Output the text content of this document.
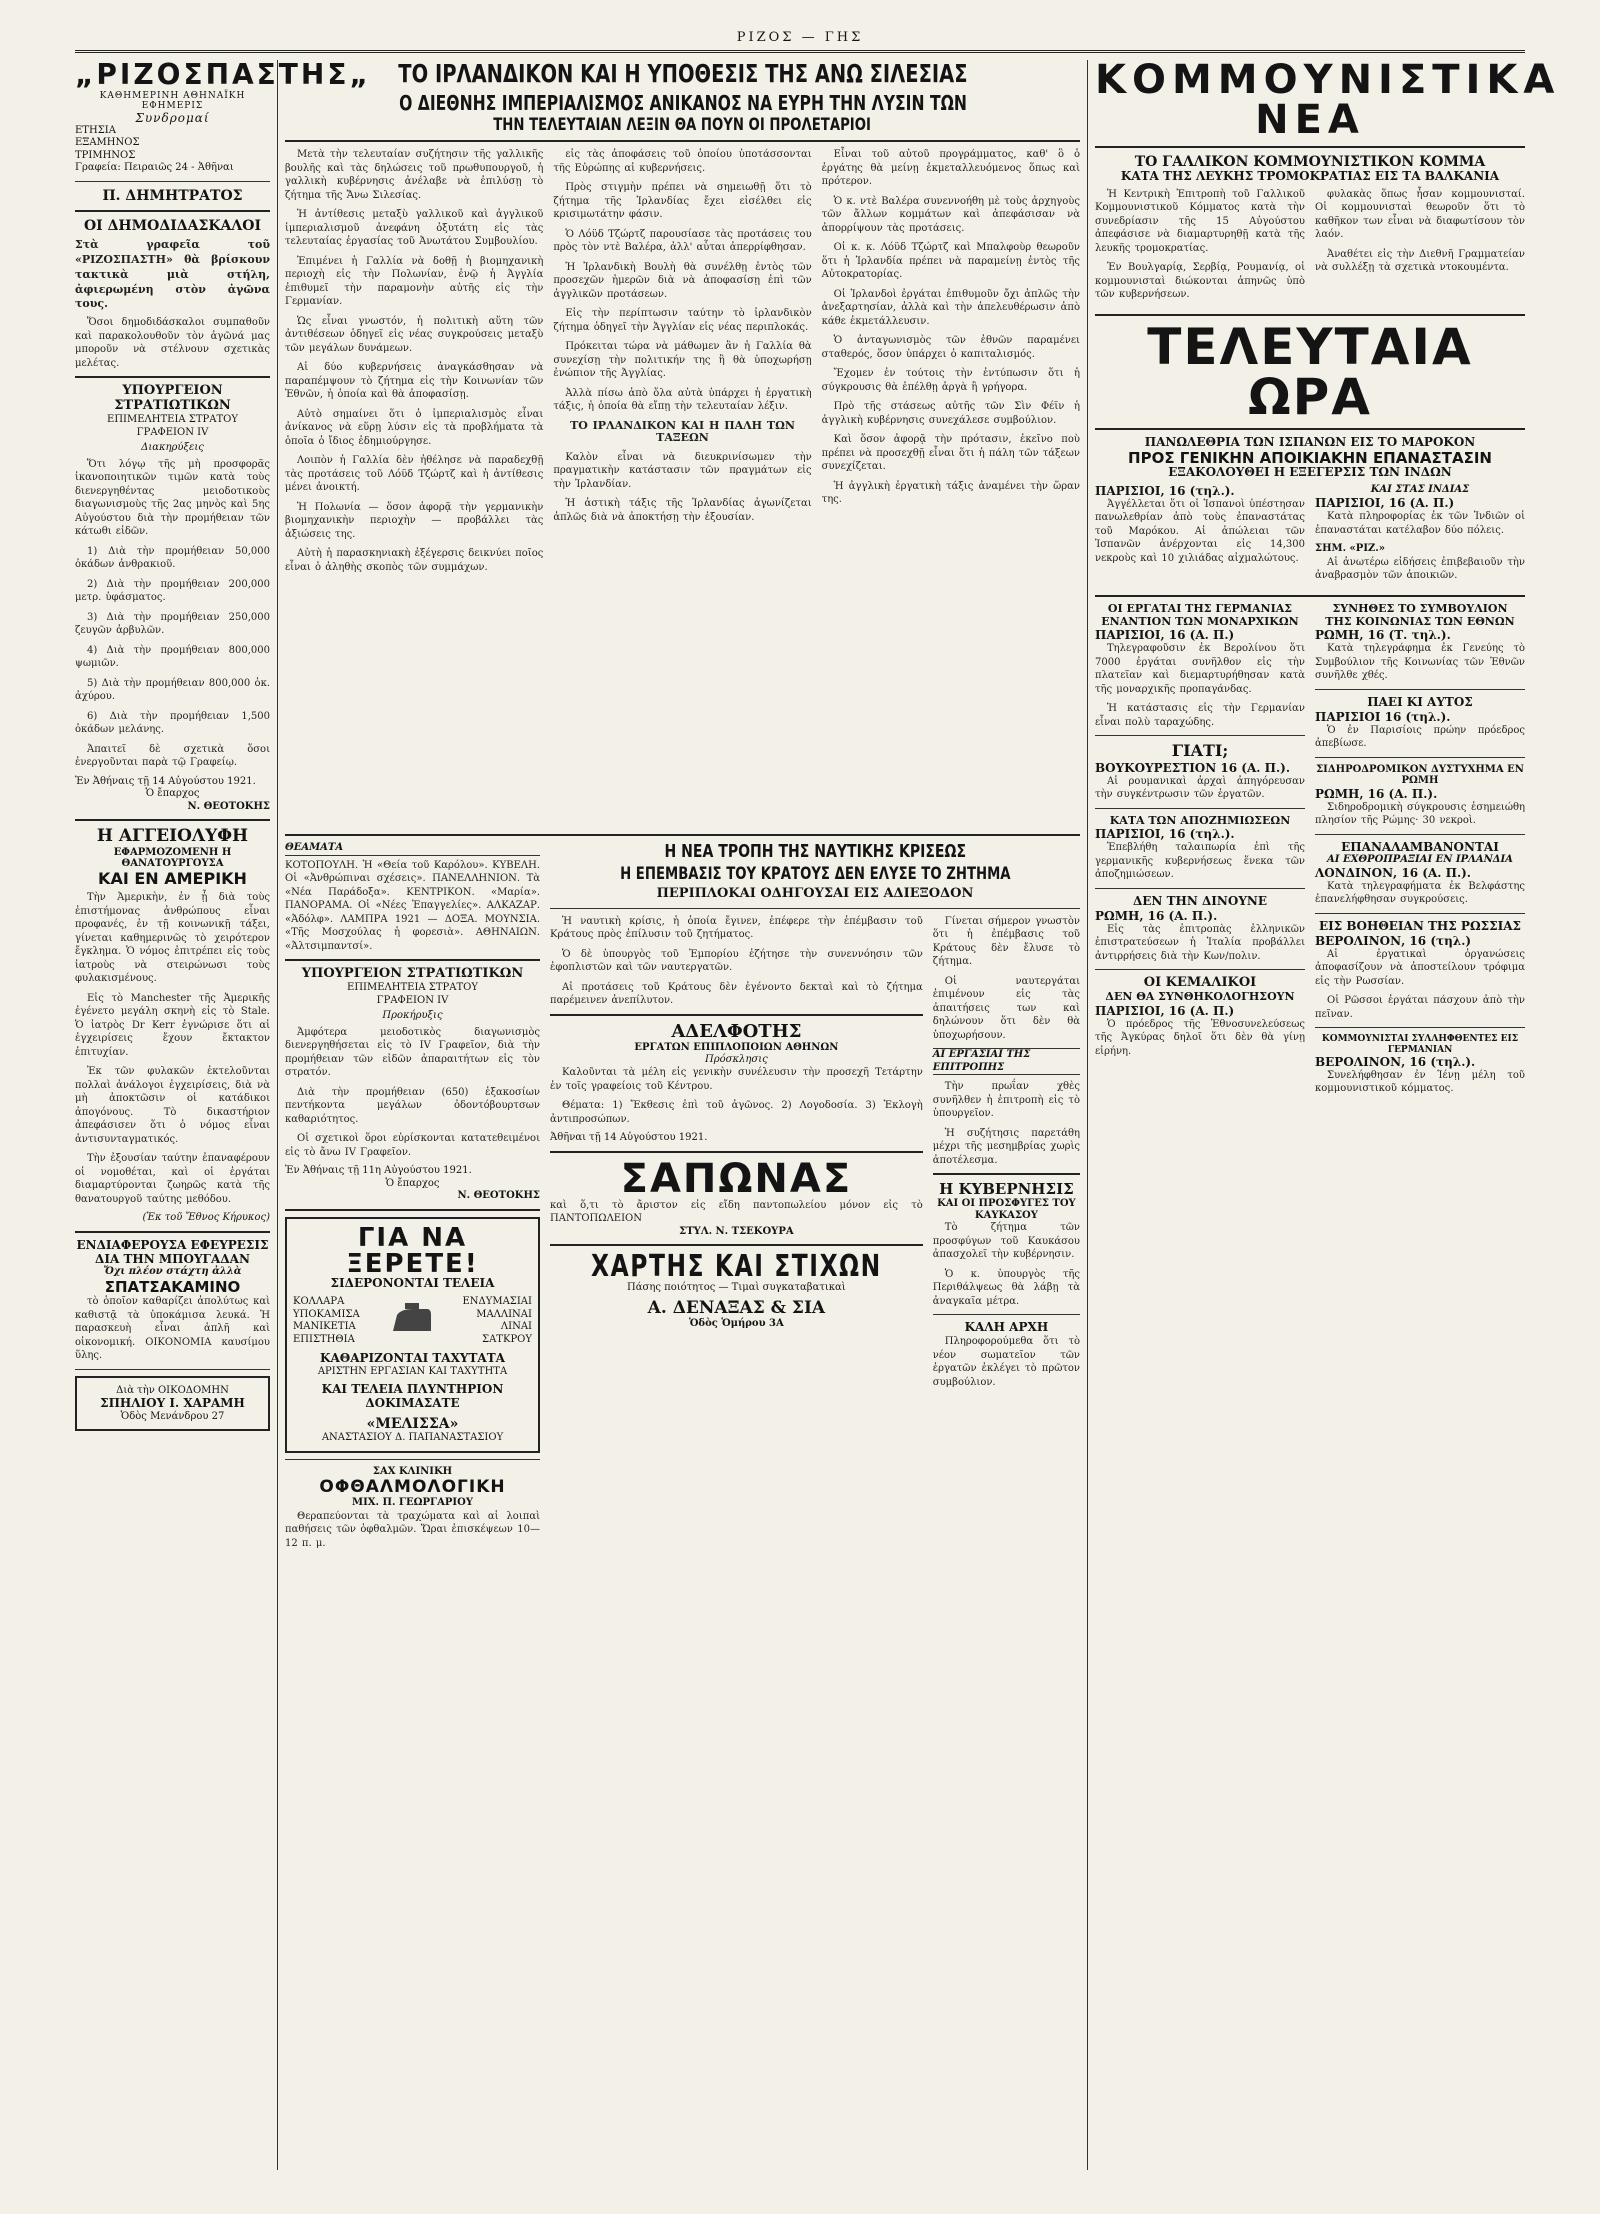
ΡΙΖΟΣ — ΓΗΣ
„ΡΙΖΟΣΠΑΣΤΗΣ„
ΚΑΘΗΜΕΡΙΝΗ ΑΘΗΝΑΪΚΗ ΕΦΗΜΕΡΙΣ
Συνδρομαί
ΕΤΗΣΙΑ
ΕΞΑΜΗΝΟΣ
ΤΡΙΜΗΝΟΣ
Γραφεία: Πειραιῶς 24 - Ἀθῆναι
Π. ΔΗΜΗΤΡΑΤΟΣ
ΟΙ ΔΗΜΟΔΙΔΑΣΚΑΛΟΙ
Στὰ γραφεῖα τοῦ «ΡΙΖΟΣΠΑΣΤΗ» θὰ βρίσκουν τακτικὰ μιὰ στήλη, ἀφιερωμένη στὸν ἀγῶνα τους.

Ὅσοι δημοδιδάσκαλοι συμπαθοῦν καὶ παρακολουθοῦν τὸν ἀγῶνά μας μποροῦν νὰ στέλνουν σχετικὰς μελέτας.

ΥΠΟΥΡΓΕΙΟΝ ΣΤΡΑΤΙΩΤΙΚΩΝ
ΕΠΙΜΕΛΗΤΕΙΑ ΣΤΡΑΤΟΥ
ΓΡΑΦΕΙΟΝ IV
Διακηρύξεις

Ὅτι λόγῳ τῆς μὴ προσφορᾶς ἱκανοποιητικῶν τιμῶν κατὰ τοὺς διενεργηθέντας μειοδοτικοὺς διαγωνισμοὺς τῆς 2ας μηνὸς καὶ 5ης Αὐγούστου διὰ τὴν προμήθειαν τῶν κάτωθι εἰδῶν.

1) Διὰ τὴν προμήθειαν 50,000 ὀκάδων ἀνθρακιοῦ.

2) Διὰ τὴν προμήθειαν 200,000 μετρ. ὑφάσματος.

3) Διὰ τὴν προμήθειαν 250,000 ζευγῶν ἀρβυλῶν.

4) Διὰ τὴν προμήθειαν 800,000 ψωμιῶν.

5) Διὰ τὴν προμήθειαν 800,000 ὀκ. ἀχύρου.

6) Διὰ τὴν προμήθειαν 1,500 ὀκάδων μελάνης.

Ἀπαιτεῖ δὲ σχετικὰ ὅσοι ἐνεργοῦνται παρὰ τῷ Γραφείῳ.

Ἐν Ἀθήναις τῇ 14 Αὐγούστου 1921.
Ὁ ἔπαρχος
Ν. ΘΕΟΤΟΚΗΣ
Η ΑΓΓΕΙΟΛΥΦΗ
ΕΦΑΡΜΟΖΟΜΕΝΗ Η ΘΑΝΑΤΟΥΡΓΟΥΣΑ
ΚΑΙ ΕΝ ΑΜΕΡΙΚΗ

Τὴν Ἀμερικὴν, ἐν ᾗ διὰ τοὺς ἐπιστήμονας ἀνθρώπους εἶναι προφανές, ἐν τῇ κοινωνικῇ τάξει, γίνεται καθημερινῶς τὸ χειρότερον ἔγκλημα. Ὁ νόμος ἐπιτρέπει εἰς τοὺς ἰατροὺς νὰ στειρώνωσι τοὺς φυλακισμένους.

Εἰς τὸ Manchester τῆς Ἀμερικῆς ἐγένετο μεγάλη σκηνὴ εἰς τὸ Stale. Ὁ ἰατρὸς Dr Kerr ἐγνώρισε ὅτι αἱ ἐγχειρίσεις ἔχουν ἔκτακτον ἐπιτυχίαν.

Ἐκ τῶν φυλακῶν ἐκτελοῦνται πολλαὶ ἀνάλογοι ἐγχειρίσεις, διὰ νὰ μὴ ἀποκτῶσιν οἱ κατάδικοι ἀπογόνους. Τὸ δικαστήριον ἀπεφάσισεν ὅτι ὁ νόμος εἶναι ἀντισυνταγματικός.

Τὴν ἐξουσίαν ταύτην ἐπαναφέρουν οἱ νομοθέται, καὶ οἱ ἐργάται διαμαρτύρονται ζωηρῶς κατὰ τῆς θανατουργοῦ ταύτης μεθόδου.

(Ἐκ τοῦ Ἔθνος Κήρυκος)
ΕΝΔΙΑΦΕΡΟΥΣΑ ΕΦΕΥΡΕΣΙΣ ΔΙΑ ΤΗΝ ΜΠΟΥΓΑΔΑΝ
Ὄχι πλέον στάχτη ἀλλὰ
ΣΠΑΤΣΑΚΑΜΙΝΟ

τὸ ὁποῖον καθαρίζει ἀπολύτως καὶ καθιστᾷ τὰ ὑποκάμισα λευκά. Ἡ παρασκευὴ εἶναι ἁπλῆ καὶ οἰκονομική. ΟΙΚΟΝΟΜΙΑ καυσίμου ὕλης.

Διὰ τὴν ΟΙΚΟΔΟΜΗΝ
ΣΠΗΛΙΟΥ Ι. ΧΑΡΑΜΗ
Ὁδὸς Μενάνδρου 27
ΤΟ ΙΡΛΑΝΔΙΚΟΝ ΚΑΙ Η ΥΠΟΘΕΣΙΣ ΤΗΣ ΑΝΩ ΣΙΛΕΣΙΑΣ
Ο ΔΙΕΘΝΗΣ ΙΜΠΕΡΙΑΛΙΣΜΟΣ ΑΝΙΚΑΝΟΣ ΝΑ ΕΥΡΗ ΤΗΝ ΛΥΣΙΝ ΤΩΝ
ΤΗΝ ΤΕΛΕΥΤΑΙΑΝ ΛΕΞΙΝ ΘΑ ΠΟΥΝ ΟΙ ΠΡΟΛΕΤΑΡΙΟΙ

Μετὰ τὴν τελευταίαν συζήτησιν τῆς γαλλικῆς βουλῆς καὶ τὰς δηλώσεις τοῦ πρωθυπουργοῦ, ἡ γαλλικὴ κυβέρνησις ἀνέλαβε νὰ ἐπιλύσῃ τὸ ζήτημα τῆς Ἄνω Σιλεσίας.

Ἡ ἀντίθεσις μεταξὺ γαλλικοῦ καὶ ἀγγλικοῦ ἰμπεριαλισμοῦ ἀνεφάνη ὀξυτάτη εἰς τὰς τελευταίας ἐργασίας τοῦ Ἀνωτάτου Συμβουλίου.

Ἐπιμένει ἡ Γαλλία νὰ δοθῇ ἡ βιομηχανικὴ περιοχὴ εἰς τὴν Πολωνίαν, ἐνῷ ἡ Ἀγγλία ἐπιθυμεῖ τὴν παραμονὴν αὐτῆς εἰς τὴν Γερμανίαν.

Ὡς εἶναι γνωστόν, ἡ πολιτικὴ αὕτη τῶν ἀντιθέσεων ὁδηγεῖ εἰς νέας συγκρούσεις μεταξὺ τῶν μεγάλων δυνάμεων.

Αἱ δύο κυβερνήσεις ἀναγκάσθησαν νὰ παραπέμψουν τὸ ζήτημα εἰς τὴν Κοινωνίαν τῶν Ἐθνῶν, ἡ ὁποία καὶ θὰ ἀποφασίσῃ.

Αὐτὸ σημαίνει ὅτι ὁ ἰμπεριαλισμὸς εἶναι ἀνίκανος νὰ εὕρῃ λύσιν εἰς τὰ προβλήματα τὰ ὁποῖα ὁ ἴδιος ἐδημιούργησε.

Λοιπὸν ἡ Γαλλία δὲν ἠθέλησε νὰ παραδεχθῇ τὰς προτάσεις τοῦ Λόϋδ Τζώρτζ καὶ ἡ ἀντίθεσις μένει ἀνοικτή.

Ἡ Πολωνία — ὅσον ἀφορᾷ τὴν γερμανικὴν βιομηχανικὴν περιοχὴν — προβάλλει τὰς ἀξιώσεις της.

Αὐτὴ ἡ παρασκηνιακὴ ἐξέγερσις δεικνύει ποῖος εἶναι ὁ ἀληθὴς σκοπὸς τῶν συμμάχων.

εἰς τὰς ἀποφάσεις τοῦ ὁποίου ὑποτάσσονται τῆς Εὐρώπης αἱ κυβερνήσεις.

Πρὸς στιγμὴν πρέπει νὰ σημειωθῇ ὅτι τὸ ζήτημα τῆς Ἰρλανδίας ἔχει εἰσέλθει εἰς κρισιμωτάτην φάσιν.

Ὁ Λόϋδ Τζώρτζ παρουσίασε τὰς προτάσεις του πρὸς τὸν ντὲ Βαλέρα, ἀλλ' αὗται ἀπερρίφθησαν.

Ἡ Ἰρλανδικὴ Βουλὴ θὰ συνέλθῃ ἐντὸς τῶν προσεχῶν ἡμερῶν διὰ νὰ ἀποφασίσῃ ἐπὶ τῶν ἀγγλικῶν προτάσεων.

Εἰς τὴν περίπτωσιν ταύτην τὸ ἰρλανδικὸν ζήτημα ὁδηγεῖ τὴν Ἀγγλίαν εἰς νέας περιπλοκάς.

Πρόκειται τώρα νὰ μάθωμεν ἂν ἡ Γαλλία θὰ συνεχίσῃ τὴν πολιτικήν της ἢ θὰ ὑποχωρήσῃ ἐνώπιον τῆς Ἀγγλίας.

Ἀλλὰ πίσω ἀπὸ ὅλα αὐτὰ ὑπάρχει ἡ ἐργατικὴ τάξις, ἡ ὁποία θὰ εἴπῃ τὴν τελευταίαν λέξιν.

ΤΟ ΙΡΛΑΝΔΙΚΟΝ ΚΑΙ Η ΠΑΛΗ ΤΩΝ ΤΑΞΕΩΝ

Καλὸν εἶναι νὰ διευκρινίσωμεν τὴν πραγματικὴν κατάστασιν τῶν πραγμάτων εἰς τὴν Ἰρλανδίαν.

Ἡ ἀστικὴ τάξις τῆς Ἰρλανδίας ἀγωνίζεται ἁπλῶς διὰ νὰ ἀποκτήσῃ τὴν ἐξουσίαν.

Εἶναι τοῦ αὐτοῦ προγράμματος, καθ' ὃ ὁ ἐργάτης θὰ μείνῃ ἐκμεταλλευόμενος ὅπως καὶ πρότερον.

Ὁ κ. ντὲ Βαλέρα συνεννοήθη μὲ τοὺς ἀρχηγοὺς τῶν ἄλλων κομμάτων καὶ ἀπεφάσισαν νὰ ἀπορρίψουν τὰς προτάσεις.

Οἱ κ. κ. Λόϋδ Τζώρτζ καὶ Μπαλφοὺρ θεωροῦν ὅτι ἡ Ἰρλανδία πρέπει νὰ παραμείνῃ ἐντὸς τῆς Αὐτοκρατορίας.

Οἱ Ἰρλανδοὶ ἐργάται ἐπιθυμοῦν ὄχι ἁπλῶς τὴν ἀνεξαρτησίαν, ἀλλὰ καὶ τὴν ἀπελευθέρωσιν ἀπὸ κάθε ἐκμετάλλευσιν.

Ὁ ἀνταγωνισμὸς τῶν ἐθνῶν παραμένει σταθερός, ὅσον ὑπάρχει ὁ καπιταλισμός.

Ἔχομεν ἐν τούτοις τὴν ἐντύπωσιν ὅτι ἡ σύγκρουσις θὰ ἐπέλθῃ ἀργὰ ἢ γρήγορα.

Πρὸ τῆς στάσεως αὐτῆς τῶν Σὶν Φέϊν ἡ ἀγγλικὴ κυβέρνησις συνεχάλεσε συμβούλιον.

Καὶ ὅσον ἀφορᾷ τὴν πρότασιν, ἐκεῖνο ποὺ πρέπει νὰ προσεχθῇ εἶναι ὅτι ἡ πάλη τῶν τάξεων συνεχίζεται.

Ἡ ἀγγλικὴ ἐργατικὴ τάξις ἀναμένει τὴν ὥραν της.

ΘΕΑΜΑΤΑ
ΚΟΤΟΠΟΥΛΗ. Ἡ «Θεία τοῦ Καρόλου». ΚΥΒΕΛΗ. Οἱ «Ἀνθρώπιναι σχέσεις». ΠΑΝΕΛΛΗΝΙΟΝ. Τὰ «Νέα Παράδοξα». ΚΕΝΤΡΙΚΟΝ. «Μαρία». ΠΑΝΟΡΑΜΑ. Οἱ «Νέες Ἐπαγγελίες». ΑΛΚΑΖΑΡ. «Ἀδόλφ». ΛΑΜΠΡΑ 1921 — ΔΟΞΑ. ΜΟΥΝΣΙΑ. «Τῆς Μοσχούλας ἡ φορεσιὰ». ΑΘΗΝΑΙΩΝ. «Ἀλτσιμπαντσί».
ΥΠΟΥΡΓΕΙΟΝ ΣΤΡΑΤΙΩΤΙΚΩΝ
ΕΠΙΜΕΛΗΤΕΙΑ ΣΤΡΑΤΟΥ
ΓΡΑΦΕΙΟΝ IV
Προκήρυξις

Ἀμφότερα μειοδοτικὸς διαγωνισμὸς διενεργηθήσεται εἰς τὸ IV Γραφεῖον, διὰ τὴν προμήθειαν τῶν εἰδῶν ἀπαραιτήτων εἰς τὸν στρατόν.

Διὰ τὴν προμήθειαν (650) ἑξακοσίων πεντήκοντα μεγάλων ὀδοντόβουρτσων καθαριότητος.

Οἱ σχετικοὶ ὅροι εὑρίσκονται κατατεθειμένοι εἰς τὸ ἄνω IV Γραφεῖον.

Ἐν Ἀθήναις τῇ 11η Αὐγούστου 1921.
Ὁ ἔπαρχος
Ν. ΘΕΟΤΟΚΗΣ
ΓΙΑ ΝΑ ΞΕΡΕΤΕ!
ΣΙΔΕΡΟΝΟΝΤΑΙ ΤΕΛΕΙΑ
ΚΟΛΛΑΡΑ
ΥΠΟΚΑΜΙΣΑ
ΜΑΝΙΚΕΤΙΑ
ΕΠΙΣΤΗΘΙΑ
ΕΝΔΥΜΑΣΙΑΙ
ΜΑΛΛΙΝΑΙ
ΛΙΝΑΙ
ΣΑΤΚΡΟΥ
ΚΑΘΑΡΙΖΟΝΤΑΙ ΤΑΧΥΤΑΤΑ
ΑΡΙΣΤΗΝ ΕΡΓΑΣΙΑΝ ΚΑΙ ΤΑΧΥΤΗΤΑ
ΚΑΙ ΤΕΛΕΙΑ ΠΛΥΝΤΗΡΙΟΝ
ΔΟΚΙΜΑΣΑΤΕ
«ΜΕΛΙΣΣΑ»
ΑΝΑΣΤΑΣΙΟΥ Δ. ΠΑΠΑΝΑΣΤΑΣΙΟΥ
ΣΑΧ ΚΛΙΝΙΚΗ
ΟΦΘΑΛΜΟΛΟΓΙΚΗ
ΜΙΧ. Π. ΓΕΩΡΓΑΡΙΟΥ

Θεραπεύονται τὰ τραχώματα καὶ αἱ λοιπαὶ παθήσεις τῶν ὀφθαλμῶν. Ὥραι ἐπισκέψεων 10—12 π. μ.

Η ΝΕΑ ΤΡΟΠΗ ΤΗΣ ΝΑΥΤΙΚΗΣ ΚΡΙΣΕΩΣ
Η ΕΠΕΜΒΑΣΙΣ ΤΟΥ ΚΡΑΤΟΥΣ ΔΕΝ ΕΛΥΣΕ ΤΟ ΖΗΤΗΜΑ
ΠΕΡΙΠΛΟΚΑΙ ΟΔΗΓΟΥΣΑΙ ΕΙΣ ΑΔΙΕΞΟΔΟΝ

Ἡ ναυτικὴ κρίσις, ἡ ὁποία ἔγινεν, ἐπέφερε τὴν ἐπέμβασιν τοῦ Κράτους πρὸς ἐπίλυσιν τοῦ ζητήματος.

Ὁ δὲ ὑπουργὸς τοῦ Ἐμπορίου ἐζήτησε τὴν συνεννόησιν τῶν ἐφοπλιστῶν καὶ τῶν ναυτεργατῶν.

Αἱ προτάσεις τοῦ Κράτους δὲν ἐγένοντο δεκταὶ καὶ τὸ ζήτημα παρέμεινεν ἀνεπίλυτον.

ΑΔΕΛΦΟΤΗΣ
ΕΡΓΑΤΩΝ ΕΠΙΠΛΟΠΟΙΩΝ ΑΘΗΝΩΝ
Πρόσκλησις

Καλοῦνται τὰ μέλη εἰς γενικὴν συνέλευσιν τὴν προσεχῆ Τετάρτην ἐν τοῖς γραφείοις τοῦ Κέντρου.

Θέματα: 1) Ἔκθεσις ἐπὶ τοῦ ἀγῶνος. 2) Λογοδοσία. 3) Ἐκλογὴ ἀντιπροσώπων.

Ἀθῆναι τῇ 14 Αὐγούστου 1921.
ΣΑΠΩΝΑΣ
καὶ ὅ,τι τὸ ἄριστον εἰς εἴδη παντοπωλείου μόνον εἰς τὸ ΠΑΝΤΟΠΩΛΕΙΟΝ
ΣΤΥΛ. Ν. ΤΣΕΚΟΥΡΑ
ΧΑΡΤΗΣ ΚΑΙ ΣΤΙΧΩΝ
Πάσης ποιότητος — Τιμαὶ συγκαταβατικαὶ
Α. ΔΕΝΑΞΑΣ & ΣΙΑ
Ὁδὸς Ὁμήρου 3Α

Γίνεται σήμερον γνωστὸν ὅτι ἡ ἐπέμβασις τοῦ Κράτους δὲν ἔλυσε τὸ ζήτημα.

Οἱ ναυτεργάται ἐπιμένουν εἰς τὰς ἀπαιτήσεις των καὶ δηλώνουν ὅτι δὲν θὰ ὑποχωρήσουν.

ΑΙ ΕΡΓΑΣΙΑΙ ΤΗΣ ΕΠΙΤΡΟΠΗΣ

Τὴν πρωΐαν χθὲς συνῆλθεν ἡ ἐπιτροπὴ εἰς τὸ ὑπουργεῖον.

Ἡ συζήτησις παρετάθη μέχρι τῆς μεσημβρίας χωρὶς ἀποτέλεσμα.

Η ΚΥΒΕΡΝΗΣΙΣ
ΚΑΙ ΟΙ ΠΡΟΣΦΥΓΕΣ ΤΟΥ ΚΑΥΚΑΣΟΥ

Τὸ ζήτημα τῶν προσφύγων τοῦ Καυκάσου ἀπασχολεῖ τὴν κυβέρνησιν.

Ὁ κ. ὑπουργὸς τῆς Περιθάλψεως θὰ λάβῃ τὰ ἀναγκαῖα μέτρα.

ΚΑΛΗ ΑΡΧΗ

Πληροφορούμεθα ὅτι τὸ νέον σωματεῖον τῶν ἐργατῶν ἐκλέγει τὸ πρῶτον συμβούλιον.

ΚΟΜΜΟΥΝΙΣΤΙΚΑ ΝΕΑ
ΤΟ ΓΑΛΛΙΚΟΝ ΚΟΜΜΟΥΝΙΣΤΙΚΟΝ ΚΟΜΜΑ
ΚΑΤΑ ΤΗΣ ΛΕΥΚΗΣ ΤΡΟΜΟΚΡΑΤΙΑΣ ΕΙΣ ΤΑ ΒΑΛΚΑΝΙΑ

Ἡ Κεντρικὴ Ἐπιτροπὴ τοῦ Γαλλικοῦ Κομμουνιστικοῦ Κόμματος κατὰ τὴν συνεδρίασιν τῆς 15 Αὐγούστου ἀπεφάσισε νὰ διαμαρτυρηθῇ κατὰ τῆς λευκῆς τρομοκρατίας.

Ἐν Βουλγαρίᾳ, Σερβίᾳ, Ρουμανίᾳ, οἱ κομμουνισταὶ διώκονται ἀπηνῶς ὑπὸ τῶν κυβερνήσεων.

φυλακὰς ὅπως ἦσαν κομμουνισταί. Οἱ κομμουνισταὶ θεωροῦν ὅτι τὸ καθῆκον των εἶναι νὰ διαφωτίσουν τὸν λαόν.

Ἀναθέτει εἰς τὴν Διεθνῆ Γραμματείαν νὰ συλλέξῃ τὰ σχετικὰ ντοκουμέντα.

ΤΕΛΕΥΤΑΙΑ ΩΡΑ
ΠΑΝΩΛΕΘΡΙΑ ΤΩΝ ΙΣΠΑΝΩΝ ΕΙΣ ΤΟ ΜΑΡΟΚΟΝ
ΠΡΟΣ ΓΕΝΙΚΗΝ ΑΠΟΙΚΙΑΚΗΝ ΕΠΑΝΑΣΤΑΣΙΝ
ΕΞΑΚΟΛΟΥΘΕΙ Η ΕΞΕΓΕΡΣΙΣ ΤΩΝ ΙΝΔΩΝ
ΠΑΡΙΣΙΟΙ, 16 (τηλ.).

Ἀγγέλλεται ὅτι οἱ Ἰσπανοὶ ὑπέστησαν πανωλεθρίαν ἀπὸ τοὺς ἐπαναστάτας τοῦ Μαρόκου. Αἱ ἀπώλειαι τῶν Ἰσπανῶν ἀνέρχονται εἰς 14,300 νεκροὺς καὶ 10 χιλιάδας αἰχμαλώτους.

ΚΑΙ ΣΤΑΣ ΙΝΔΙΑΣ
ΠΑΡΙΣΙΟΙ, 16 (Α. Π.)

Κατὰ πληροφορίας ἐκ τῶν Ἰνδιῶν οἱ ἐπαναστάται κατέλαβον δύο πόλεις.

ΣΗΜ. «ΡΙΖ.»

Αἱ ἀνωτέρω εἰδήσεις ἐπιβεβαιοῦν τὴν ἀναβρασμὸν τῶν ἀποικιῶν.

ΟΙ ΕΡΓΑΤΑΙ ΤΗΣ ΓΕΡΜΑΝΙΑΣ ΕΝΑΝΤΙΟΝ ΤΩΝ ΜΟΝΑΡΧΙΚΩΝ
ΠΑΡΙΣΙΟΙ, 16 (Α. Π.)

Τηλεγραφοῦσιν ἐκ Βερολίνου ὅτι 7000 ἐργάται συνῆλθον εἰς τὴν πλατεῖαν καὶ διεμαρτυρήθησαν κατὰ τῆς μοναρχικῆς προπαγάνδας.

Ἡ κατάστασις εἰς τὴν Γερμανίαν εἶναι πολὺ ταραχώδης.

ΓΙΑΤΙ;
ΒΟΥΚΟΥΡΕΣΤΙΟΝ 16 (Α. Π.).

Αἱ ρουμανικαὶ ἀρχαὶ ἀπηγόρευσαν τὴν συγκέντρωσιν τῶν ἐργατῶν.

ΚΑΤΑ ΤΩΝ ΑΠΟΖΗΜΙΩΣΕΩΝ
ΠΑΡΙΣΙΟΙ, 16 (τηλ.).

Ἐπεβλήθη ταλαιπωρία ἐπὶ τῆς γερμανικῆς κυβερνήσεως ἕνεκα τῶν ἀποζημιώσεων.

ΔΕΝ ΤΗΝ ΔΙΝΟΥΝΕ
ΡΩΜΗ, 16 (Α. Π.).

Εἰς τὰς ἐπιτροπὰς ἑλληνικῶν ἐπιστρατεύσεων ἡ Ἰταλία προβάλλει ἀντιρρήσεις διὰ τὴν Κων/πολιν.

ΟΙ ΚΕΜΑΛΙΚΟΙ
ΔΕΝ ΘΑ ΣΥΝΘΗΚΟΛΟΓΗΣΟΥΝ
ΠΑΡΙΣΙΟΙ, 16 (Α. Π.)

Ὁ πρόεδρος τῆς Ἐθνοσυνελεύσεως τῆς Ἀγκύρας δηλοῖ ὅτι δὲν θὰ γίνῃ εἰρήνη.

ΣΥΝΗΘΕΣ ΤΟ ΣΥΜΒΟΥΛΙΟΝ
ΤΗΣ ΚΟΙΝΩΝΙΑΣ ΤΩΝ ΕΘΝΩΝ
ΡΩΜΗ, 16 (Τ. τηλ.).

Κατὰ τηλεγράφημα ἐκ Γενεύης τὸ Συμβούλιον τῆς Κοινωνίας τῶν Ἐθνῶν συνῆλθε χθές.

ΠΑΕΙ ΚΙ ΑΥΤΟΣ
ΠΑΡΙΣΙΟΙ 16 (τηλ.).

Ὁ ἐν Παρισίοις πρώην πρόεδρος ἀπεβίωσε.

ΣΙΔΗΡΟΔΡΟΜΙΚΟΝ ΔΥΣΤΥΧΗΜΑ ΕΝ ΡΩΜΗ
ΡΩΜΗ, 16 (Α. Π.).

Σιδηροδρομικὴ σύγκρουσις ἐσημειώθη πλησίον τῆς Ρώμης· 30 νεκροὶ.

ΕΠΑΝΑΛΑΜΒΑΝΟΝΤΑΙ
ΑΙ ΕΧΘΡΟΠΡΑΞΙΑΙ ΕΝ ΙΡΛΑΝΔΙΑ
ΛΟΝΔΙΝΟΝ, 16 (Α. Π.).

Κατὰ τηλεγραφήματα ἐκ Βελφάστης ἐπανελήφθησαν συγκρούσεις.

ΕΙΣ ΒΟΗΘΕΙΑΝ ΤΗΣ ΡΩΣΣΙΑΣ
ΒΕΡΟΛΙΝΟΝ, 16 (τηλ.)

Αἱ ἐργατικαὶ ὀργανώσεις ἀποφασίζουν νὰ ἀποστείλουν τρόφιμα εἰς τὴν Ρωσσίαν.

Οἱ Ρῶσσοι ἐργάται πάσχουν ἀπὸ τὴν πεῖναν.

ΚΟΜΜΟΥΝΙΣΤΑΙ ΣΥΛΛΗΦΘΕΝΤΕΣ ΕΙΣ ΓΕΡΜΑΝΙΑΝ
ΒΕΡΟΛΙΝΟΝ, 16 (τηλ.).

Συνελήφθησαν ἐν Ἱένῃ μέλη τοῦ κομμουνιστικοῦ κόμματος.
